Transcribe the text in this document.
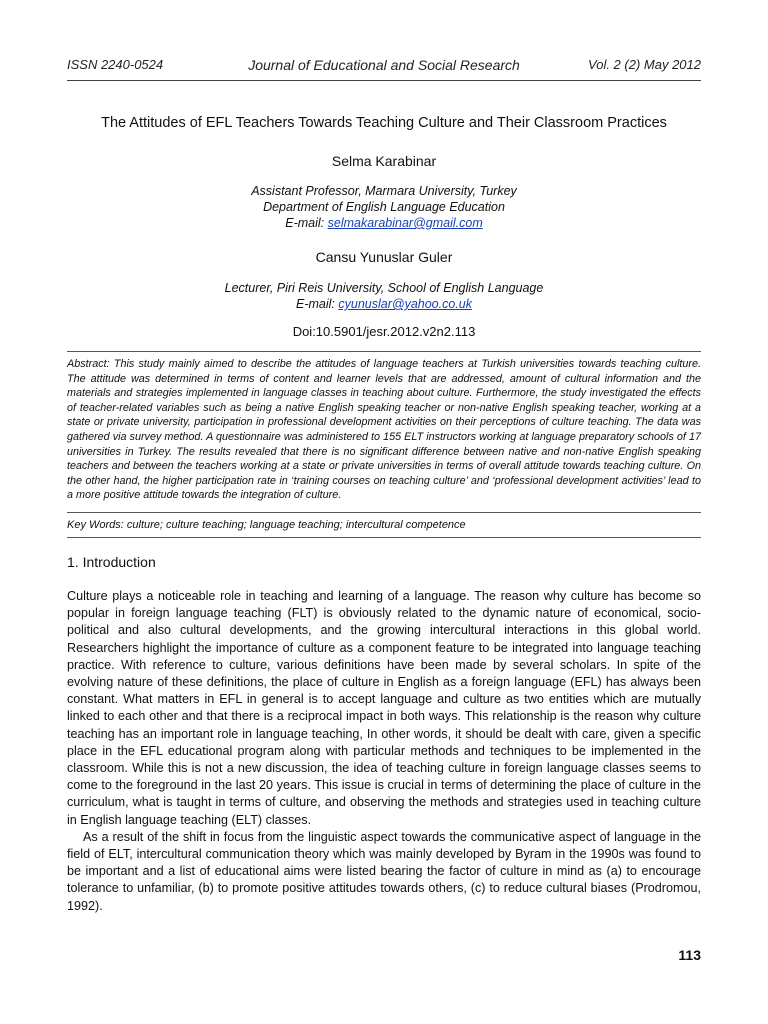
ISSN 2240-0524	Journal of Educational and Social Research	Vol. 2 (2) May 2012
The Attitudes of EFL Teachers Towards Teaching Culture and Their Classroom Practices
Selma Karabinar
Assistant Professor, Marmara University, Turkey
Department of English Language Education
E-mail: selmakarabinar@gmail.com
Cansu Yunuslar Guler
Lecturer, Piri Reis University, School of English Language
E-mail: cyunuslar@yahoo.co.uk
Doi:10.5901/jesr.2012.v2n2.113
Abstract: This study mainly aimed to describe the attitudes of language teachers at Turkish universities towards teaching culture. The attitude was determined in terms of content and learner levels that are addressed, amount of cultural information and the materials and strategies implemented in language classes in teaching about culture. Furthermore, the study investigated the effects of teacher-related variables such as being a native English speaking teacher or non-native English speaking teacher, working at a state or private university, participation in professional development activities on their perceptions of culture teaching. The data was gathered via survey method. A questionnaire was administered to 155 ELT instructors working at language preparatory schools of 17 universities in Turkey. The results revealed that there is no significant difference between native and non-native English speaking teachers and between the teachers working at a state or private universities in terms of overall attitude towards teaching culture. On the other hand, the higher participation rate in ‘training courses on teaching culture’ and ‘professional development activities’ lead to a more positive attitude towards the integration of culture.
Key Words: culture; culture teaching; language teaching; intercultural competence
1. Introduction

Culture plays a noticeable role in teaching and learning of a language. The reason why culture has become so popular in foreign language teaching (FLT) is obviously related to the dynamic nature of economical, socio-political and also cultural developments, and the growing intercultural interactions in this global world. Researchers highlight the importance of culture as a component feature to be integrated into language teaching practice. With reference to culture, various definitions have been made by several scholars. In spite of the evolving nature of these definitions, the place of culture in English as a foreign language (EFL) has always been constant. What matters in EFL in general is to accept language and culture as two entities which are mutually linked to each other and that there is a reciprocal impact in both ways. This relationship is the reason why culture teaching has an important role in language teaching, In other words, it should be dealt with care, given a specific place in the EFL educational program along with particular methods and techniques to be implemented in the classroom. While this is not a new discussion, the idea of teaching culture in foreign language classes seems to come to the foreground in the last 20 years. This issue is crucial in terms of determining the place of culture in the curriculum, what is taught in terms of culture, and observing the methods and strategies used in teaching culture in English language teaching (ELT) classes.

As a result of the shift in focus from the linguistic aspect towards the communicative aspect of language in the field of ELT, intercultural communication theory which was mainly developed by Byram in the 1990s was found to be important and a list of educational aims were listed bearing the factor of culture in mind as (a) to encourage tolerance to unfamiliar, (b) to promote positive attitudes towards others, (c) to reduce cultural biases (Prodromou, 1992).

113
